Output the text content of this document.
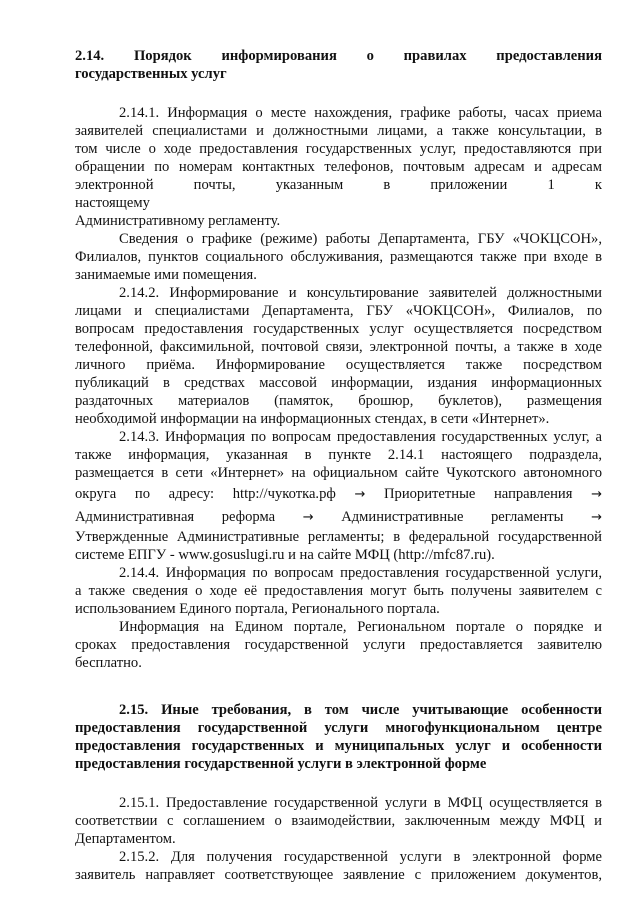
2.14. Порядок информирования о правилах предоставления
государственных услуг
2.14.1. Информация о месте нахождения, графике работы, часах приема
заявителей специалистами и должностными лицами, а также консультации, в
том числе о ходе предоставления государственных услуг, предоставляются при
обращении по номерам контактных телефонов, почтовым адресам и адресам
электронной почты, указанным в приложении 1 к настоящему
Административному регламенту.
Сведения о графике (режиме) работы Департамента, ГБУ «ЧОКЦСОН»,
Филиалов, пунктов социального обслуживания, размещаются также при входе в
занимаемые ими помещения.
2.14.2. Информирование и консультирование заявителей должностными
лицами и специалистами Департамента, ГБУ «ЧОКЦСОН», Филиалов, по
вопросам предоставления государственных услуг осуществляется посредством
телефонной, факсимильной, почтовой связи, электронной почты, а также в ходе
личного приёма. Информирование осуществляется также посредством
публикаций в средствах массовой информации, издания информационных
раздаточных материалов (памяток, брошюр, буклетов), размещения
необходимой информации на информационных стендах, в сети «Интернет».
2.14.3. Информация по вопросам предоставления государственных услуг, а
также информация, указанная в пункте 2.14.1 настоящего подраздела,
размещается в сети «Интернет» на официальном сайте Чукотского автономного
округа по адресу: http://чукотка.рф → Приоритетные направления →
Административная реформа → Административные регламенты →
Утвержденные Административные регламенты; в федеральной государственной
системе ЕПГУ - www.gosuslugi.ru и на сайте МФЦ (http://mfc87.ru).
2.14.4. Информация по вопросам предоставления государственной услуги,
а также сведения о ходе её предоставления могут быть получены заявителем с
использованием Единого портала, Регионального портала.
Информация на Едином портале, Региональном портале о порядке и
сроках предоставления государственной услуги предоставляется заявителю
бесплатно.
2.15. Иные требования, в том числе учитывающие особенности
предоставления государственной услуги многофункциональном центре
предоставления государственных и муниципальных услуг и особенности
предоставления государственной услуги в электронной форме
2.15.1. Предоставление государственной услуги в МФЦ осуществляется в
соответствии с соглашением о взаимодействии, заключенным между МФЦ и
Департаментом.
2.15.2. Для получения государственной услуги в электронной форме
заявитель направляет соответствующее заявление с приложением документов,
